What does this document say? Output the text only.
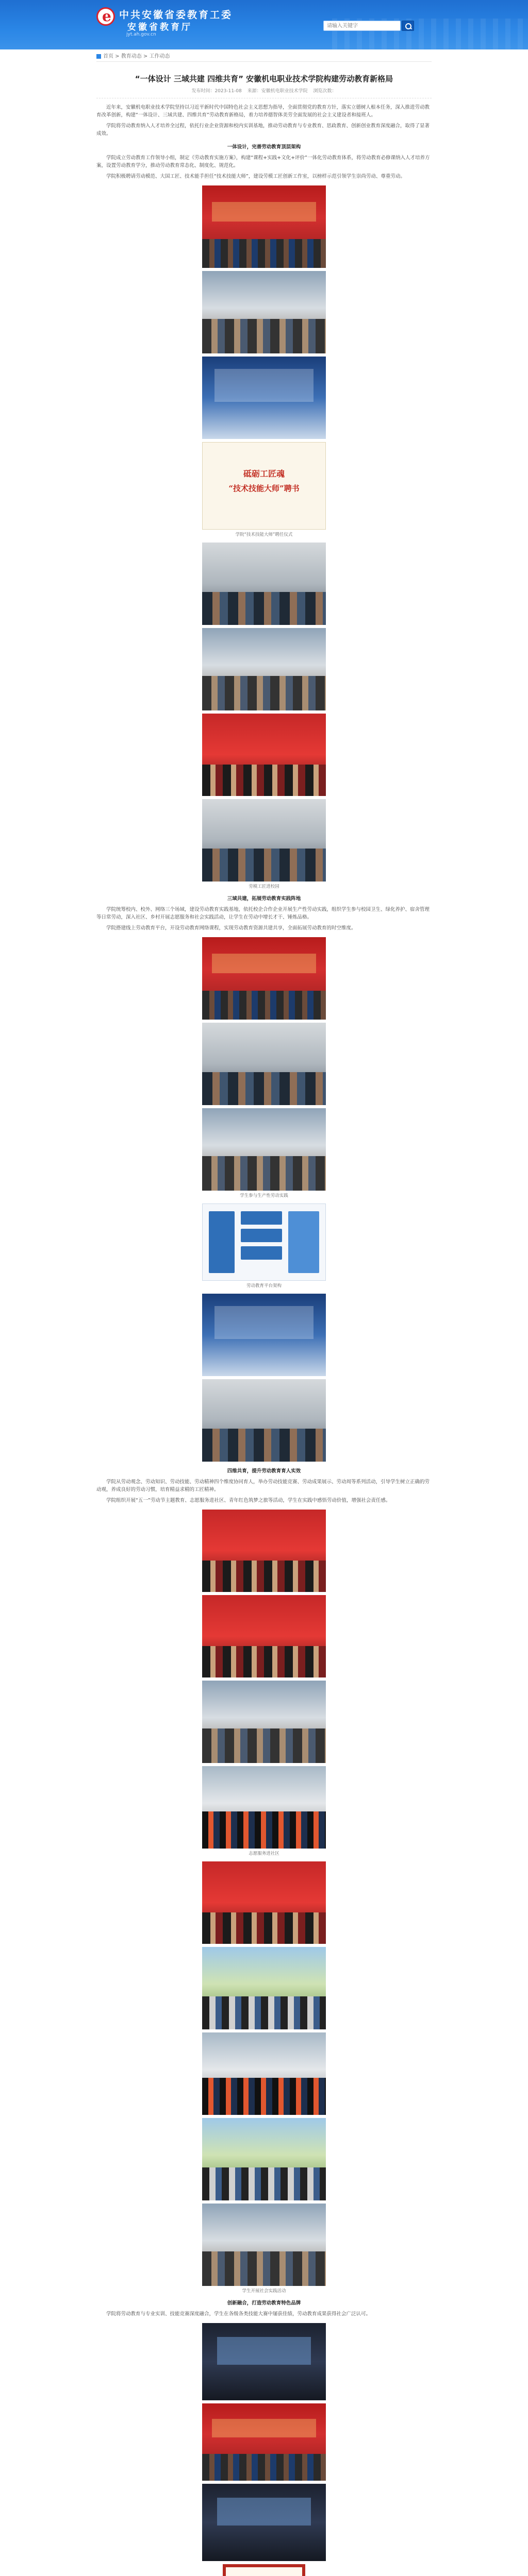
e
中共安徽省委教育工委
安徽省教育厅
jyt.ah.gov.cn
请输入关键字
首页 > 教育动态 > 工作动态
“一体设计 三域共建 四维共育” 安徽机电职业技术学院构建劳动教育新格局
发布时间：2023-11-08 来源：安徽机电职业技术学院 浏览次数：

近年来，安徽机电职业技术学院坚持以习近平新时代中国特色社会主义思想为指导，全面贯彻党的教育方针，落实立德树人根本任务，深入推进劳动教育改革创新，构建“一体设计、三域共建、四维共育”劳动教育新格局，着力培养德智体美劳全面发展的社会主义建设者和接班人。

学院将劳动教育纳入人才培养全过程，依托行业企业资源和校内实训基地，推动劳动教育与专业教育、思政教育、创新创业教育深度融合，取得了显著成效。

一体设计，完善劳动教育顶层架构

学院成立劳动教育工作领导小组，制定《劳动教育实施方案》，构建“课程+实践+文化+评价”一体化劳动教育体系，将劳动教育必修课纳入人才培养方案，设置劳动教育学分，推动劳动教育常态化、制度化、规范化。

学院积极聘请劳动模范、大国工匠、技术能手担任“技术技能大师”，建设劳模工匠创新工作室，以榜样示范引领学生崇尚劳动、尊重劳动。

砥砺工匠魂
“技术技能大师”聘书
学院“技术技能大师”聘任仪式
劳模工匠进校园
三域共建，拓展劳动教育实践阵地

学院统筹校内、校外、网络三个场域，建设劳动教育实践基地，依托校企合作企业开展生产性劳动实践，组织学生参与校园卫生、绿化养护、宿舍管理等日常劳动，深入社区、乡村开展志愿服务和社会实践活动，让学生在劳动中增长才干、锤炼品格。

学院搭建线上劳动教育平台，开设劳动教育网络课程，实现劳动教育资源共建共享，全面拓展劳动教育的时空维度。

学生参与生产性劳动实践
劳动教育平台架构
四维共育，提升劳动教育育人实效

学院从劳动观念、劳动知识、劳动技能、劳动精神四个维度协同育人，举办劳动技能竞赛、劳动成果展示、劳动周等系列活动，引导学生树立正确的劳动观，养成良好的劳动习惯，培育精益求精的工匠精神。

学院组织开展“五一”劳动节主题教育、志愿服务进社区、青年红色筑梦之旅等活动，学生在实践中感悟劳动价值，增强社会责任感。

志愿服务进社区
学生开展社会实践活动
创新融合，打造劳动教育特色品牌

学院将劳动教育与专业实训、技能竞赛深度融合，学生在各级各类技能大赛中屡获佳绩，劳动教育成果获得社会广泛认可。
